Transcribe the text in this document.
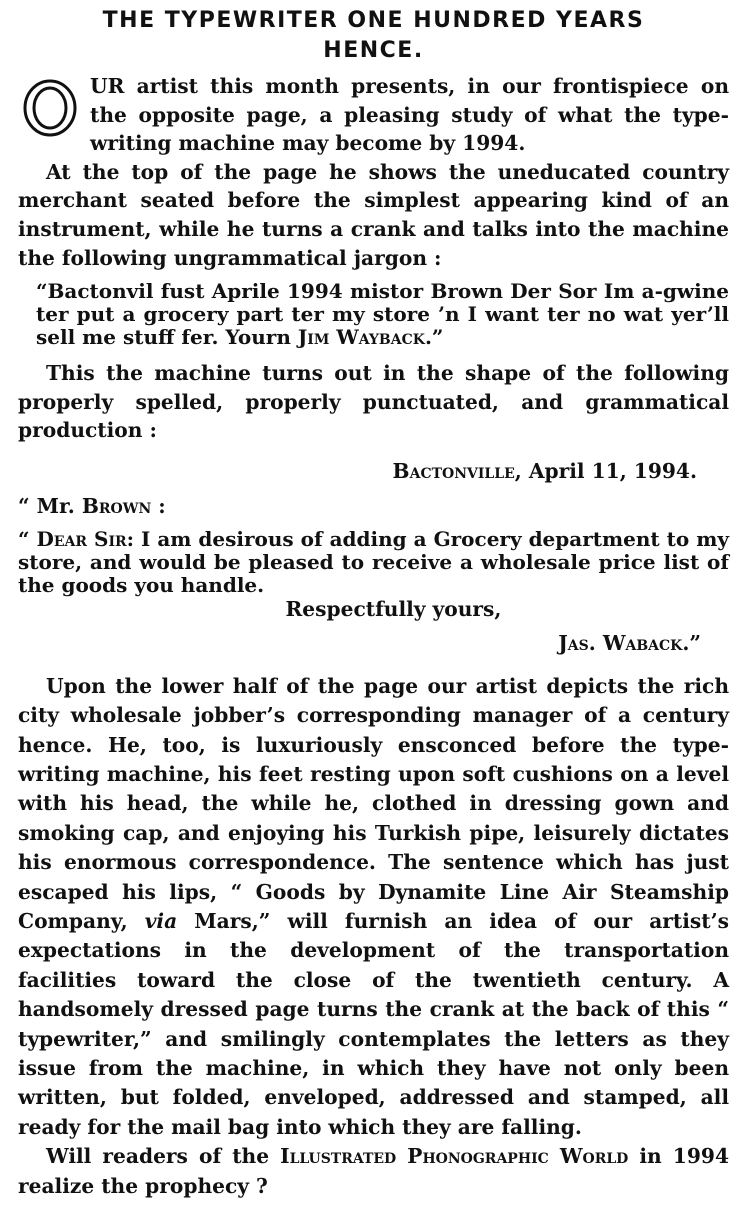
THE TYPEWRITER ONE HUNDRED YEARS
HENCE.

UR artist this month presents, in our frontispiece on the opposite page, a pleasing study of what the type-writing machine may become by 1994.

At the top of the page he shows the uneducated country merchant seated before the simplest appearing kind of an instrument, while he turns a crank and talks into the machine the following ungrammatical jargon :

“Bactonvil fust Aprile 1994 mistor Brown Der Sor Im a-gwine ter put a grocery part ter my store ’n I want ter no wat yer’ll sell me stuff fer. Yourn Jim Wayback.”

This the machine turns out in the shape of the following properly spelled, properly punctuated, and grammatical production :

Bactonville, April 11, 1994.

“ Mr. Brown :

“ Dear Sir: I am desirous of adding a Grocery department to my store, and would be pleased to receive a wholesale price list of the goods you handle.

Respectfully yours,

Jas. Waback.”

Upon the lower half of the page our artist depicts the rich city wholesale jobber’s corresponding manager of a century hence. He, too, is luxuriously ensconced before the type-writing machine, his feet resting upon soft cushions on a level with his head, the while he, clothed in dressing gown and smoking cap, and enjoying his Turkish pipe, leisurely dictates his enormous correspondence. The sentence which has just escaped his lips, “ Goods by Dynamite Line Air Steamship Company, via Mars,” will furnish an idea of our artist’s expectations in the development of the transportation facilities toward the close of the twentieth century. A handsomely dressed page turns the crank at the back of this “ typewriter,” and smilingly contemplates the letters as they issue from the machine, in which they have not only been written, but folded, enveloped, addressed and stamped, all ready for the mail bag into which they are falling.

Will readers of the Illustrated Phonographic World in 1994 realize the prophecy ?
